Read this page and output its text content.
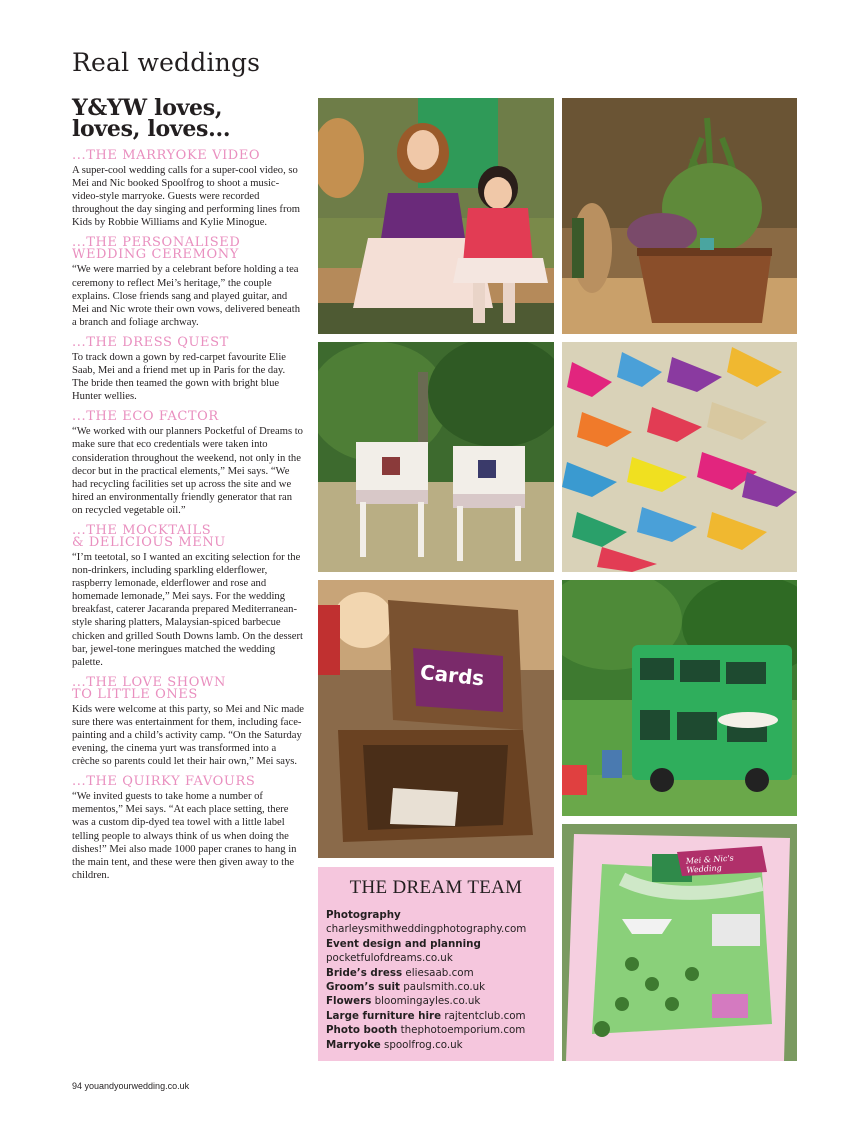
Real weddings
Y&YW loves,
loves, loves...
...THE MARRYOKE VIDEO

A super-cool wedding calls for a super-cool video, so Mei and Nic booked Spoolfrog to shoot a music-video-style marryoke. Guests were recorded throughout the day singing and performing lines from Kids by Robbie Williams and Kylie Minogue.

...THE PERSONALISED
WEDDING CEREMONY

“We were married by a celebrant before holding a tea ceremony to reflect Mei’s heritage,” the couple explains. Close friends sang and played guitar, and Mei and Nic wrote their own vows, delivered beneath a branch and foliage archway.

...THE DRESS QUEST

To track down a gown by red-carpet favourite Elie Saab, Mei and a friend met up in Paris for the day. The bride then teamed the gown with bright blue Hunter wellies.

...THE ECO FACTOR

“We worked with our planners Pocketful of Dreams to make sure that eco credentials were taken into consideration throughout the weekend, not only in the decor but in the practical elements,” Mei says. “We had recycling facilities set up across the site and we hired an environmentally friendly generator that ran on recycled vegetable oil.”

...THE MOCKTAILS
& DELICIOUS MENU

“I’m teetotal, so I wanted an exciting selection for the non-drinkers, including sparkling elderflower, raspberry lemonade, elderflower and rose and homemade lemonade,” Mei says. For the wedding breakfast, caterer Jacaranda prepared Mediterranean-style sharing platters, Malaysian-spiced barbecue chicken and grilled South Downs lamb. On the dessert bar, jewel-tone meringues matched the wedding palette.

...THE LOVE SHOWN
TO LITTLE ONES

Kids were welcome at this party, so Mei and Nic made sure there was entertainment for them, including face-painting and a child’s activity camp. “On the Saturday evening, the cinema yurt was transformed into a crèche so parents could let their hair own,” Mei says.

...THE QUIRKY FAVOURS

“We invited guests to take home a number of mementos,” Mei says. “At each place setting, there was a custom dip-dyed tea towel with a little label telling people to always think of us when doing the dishes!” Mei also made 1000 paper cranes to hang in the main tent, and these were then given away to the children.

Cards
Mei & Nic's Wedding
THE DREAM TEAM
Photography
charleysmithweddingphotography.com
Event design and planning
pocketfulofdreams.co.uk
Bride’s dress eliesaab.com
Groom’s suit paulsmith.co.uk
Flowers bloomingayles.co.uk
Large furniture hire rajtentclub.com
Photo booth thephotoemporium.com
Marryoke spoolfrog.co.uk
94 youandyourwedding.co.uk
